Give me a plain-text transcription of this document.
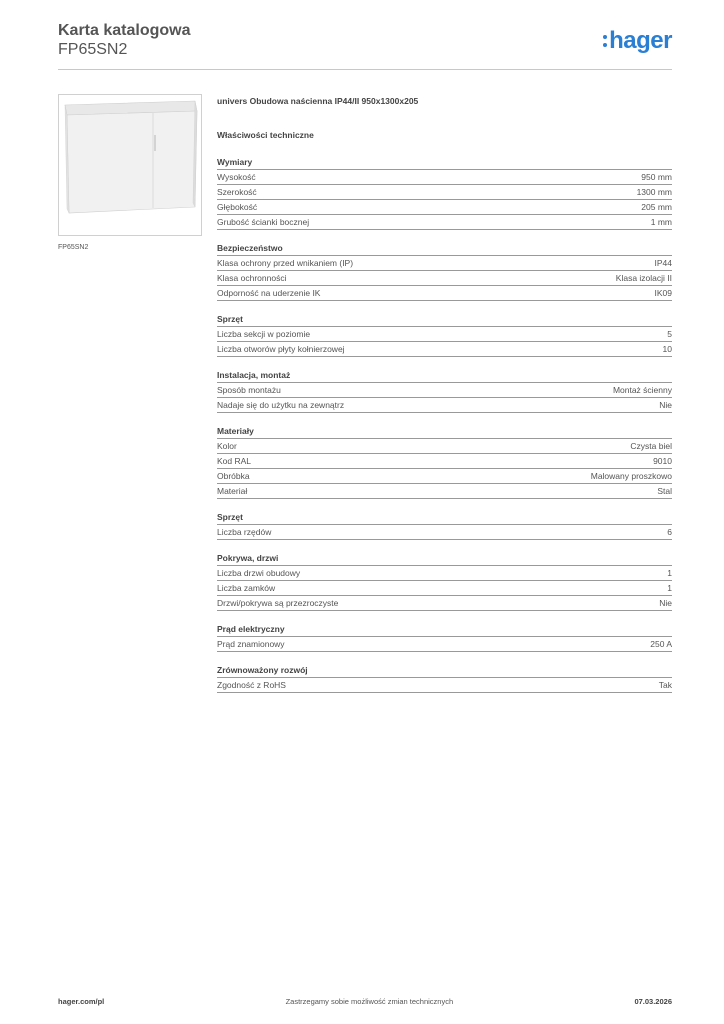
Karta katalogowa
FP65SN2	hager
FP65SN2
univers Obudowa naścienna IP44/II 950x1300x205
Właściwości techniczne
Wymiary
Wysokość	950 mm
Szerokość	1300 mm
Głębokość	205 mm
Grubość ścianki bocznej	1 mm
Bezpieczeństwo
Klasa ochrony przed wnikaniem (IP)	IP44
Klasa ochronności	Klasa izolacji II
Odporność na uderzenie IK	IK09
Sprzęt
Liczba sekcji w poziomie	5
Liczba otworów płyty kołnierzowej	10
Instalacja, montaż
Sposób montażu	Montaż ścienny
Nadaje się do użytku na zewnątrz	Nie
Materiały
Kolor	Czysta biel
Kod RAL	9010
Obróbka	Malowany proszkowo
Materiał	Stal
Sprzęt
Liczba rzędów	6
Pokrywa, drzwi
Liczba drzwi obudowy	1
Liczba zamków	1
Drzwi/pokrywa są przezroczyste	Nie
Prąd elektryczny
Prąd znamionowy	250 A
Zrównoważony rozwój
Zgodność z RoHS	Tak
hager.com/pl	Zastrzegamy sobie możliwość zmian technicznych	07.03.2026
